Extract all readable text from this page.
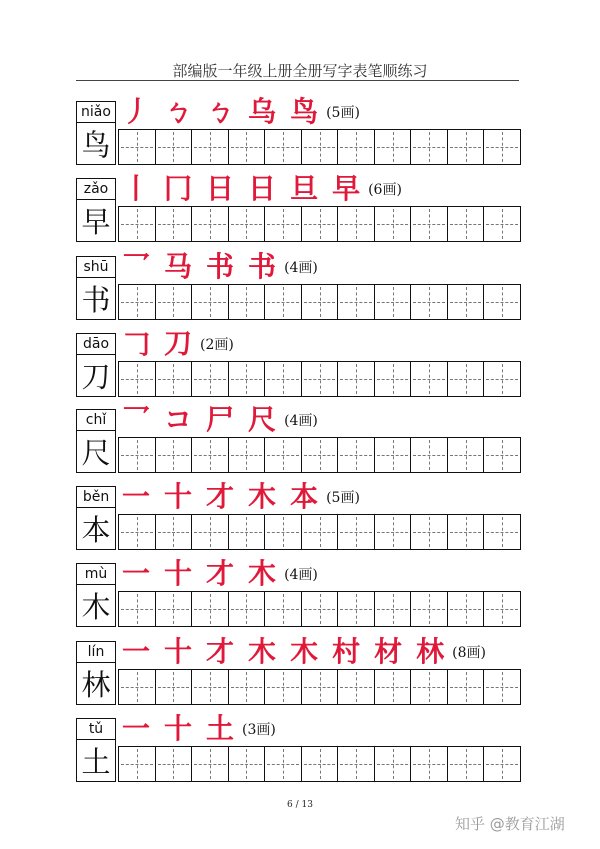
部编版一年级上册全册写字表笔顺练习
niǎo
鸟
丿 ㄅ ㄅ 乌 鸟 (5画)
zǎo
早
丨 冂 日 日 旦 早 (6画)
shū
书
乛 马 书 书 (4画)
dāo
刀
𠃌 刀 (2画)
chǐ
尺
乛 コ 尸 尺 (4画)
běn
本
一 十 才 木 本 (5画)
mù
木
一 十 才 木 (4画)
lín
林
一 十 才 木 木 村 材 林 (8画)
tǔ
土
一 十 土 (3画)
6 / 13
知乎 @教育江湖
